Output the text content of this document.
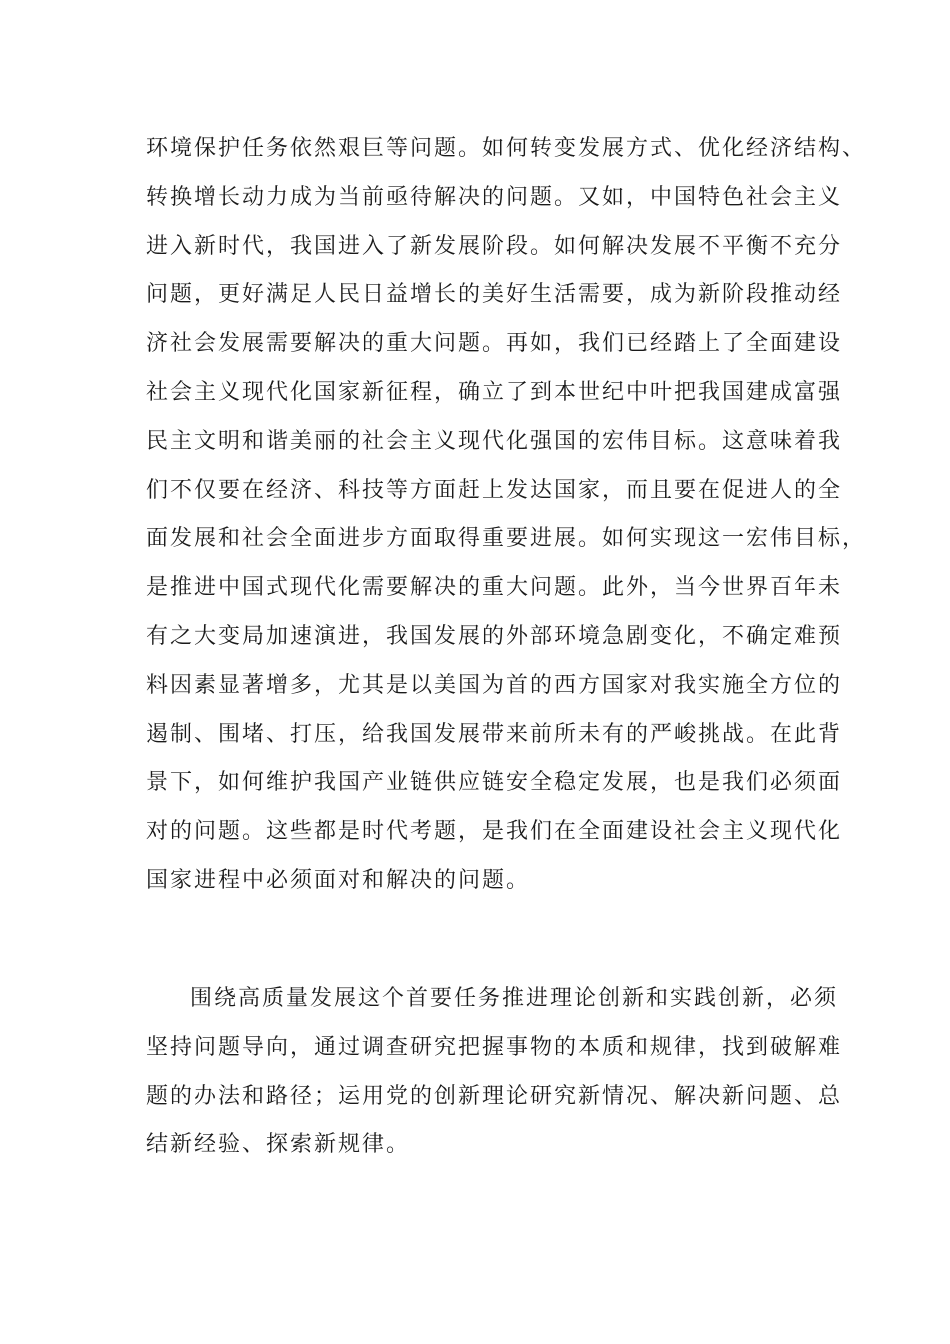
环境保护任务依然艰巨等问题。如何转变发展方式、优化经济结构、
转换增长动力成为当前亟待解决的问题。又如，中国特色社会主义
进入新时代，我国进入了新发展阶段。如何解决发展不平衡不充分
问题，更好满足人民日益增长的美好生活需要，成为新阶段推动经
济社会发展需要解决的重大问题。再如，我们已经踏上了全面建设
社会主义现代化国家新征程，确立了到本世纪中叶把我国建成富强
民主文明和谐美丽的社会主义现代化强国的宏伟目标。这意味着我
们不仅要在经济、科技等方面赶上发达国家，而且要在促进人的全
面发展和社会全面进步方面取得重要进展。如何实现这一宏伟目标，
是推进中国式现代化需要解决的重大问题。此外，当今世界百年未
有之大变局加速演进，我国发展的外部环境急剧变化，不确定难预
料因素显著增多，尤其是以美国为首的西方国家对我实施全方位的
遏制、围堵、打压，给我国发展带来前所未有的严峻挑战。在此背
景下，如何维护我国产业链供应链安全稳定发展，也是我们必须面
对的问题。这些都是时代考题，是我们在全面建设社会主义现代化
国家进程中必须面对和解决的问题。
围绕高质量发展这个首要任务推进理论创新和实践创新，必须
坚持问题导向，通过调查研究把握事物的本质和规律，找到破解难
题的办法和路径；运用党的创新理论研究新情况、解决新问题、总
结新经验、探索新规律。
